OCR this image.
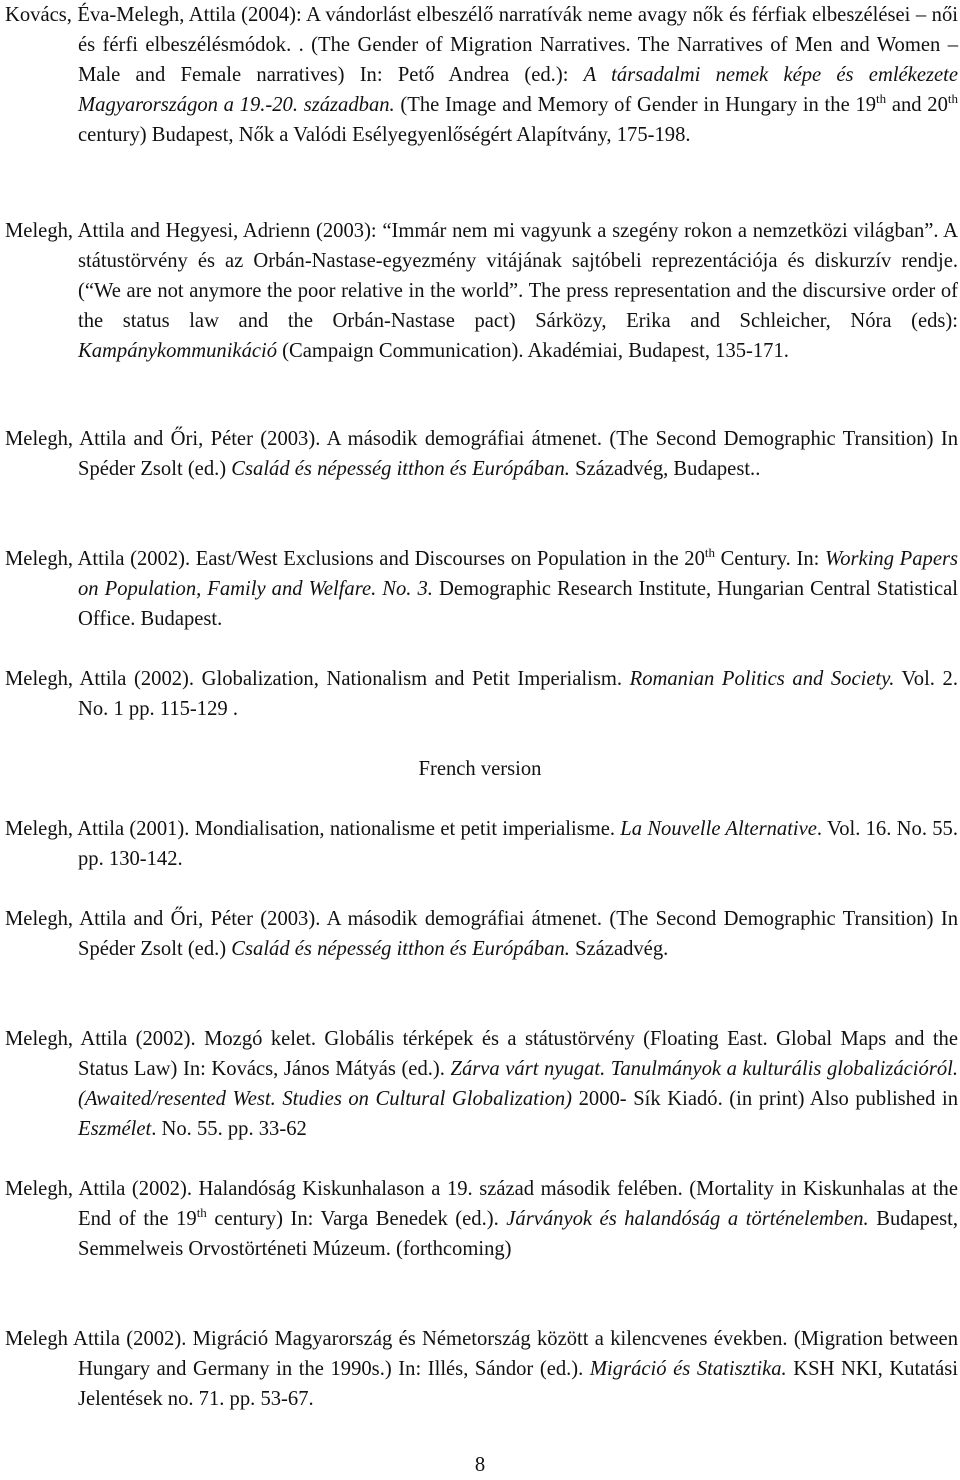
Kovács, Éva-Melegh, Attila (2004): A vándorlást elbeszélő narratívák neme avagy nők és férfiak elbeszélései – női és férfi elbeszélésmódok. . (The Gender of Migration Narratives. The Narratives of Men and Women – Male and Female narratives) In: Pető Andrea (ed.): A társadalmi nemek képe és emlékezete Magyarországon a 19.-20. században. (The Image and Memory of Gender in Hungary in the 19th and 20th century) Budapest, Nők a Valódi Esélyegyenlőségért Alapítvány, 175-198.

Melegh, Attila and Hegyesi, Adrienn (2003): “Immár nem mi vagyunk a szegény rokon a nemzetközi világban”. A státustörvény és az Orbán-Nastase-egyezmény vitájának sajtóbeli reprezentációja és diskurzív rendje. (“We are not anymore the poor relative in the world”. The press representation and the discursive order of the status law and the Orbán-Nastase pact) Sárközy, Erika and Schleicher, Nóra (eds): Kampánykommunikáció (Campaign Communication). Akadémiai, Budapest, 135-171.

Melegh, Attila and Őri, Péter (2003). A második demográfiai átmenet. (The Second Demographic Transition) In Spéder Zsolt (ed.) Család és népesség itthon és Európában. Századvég, Budapest..

Melegh, Attila (2002). East/West Exclusions and Discourses on Population in the 20th Century. In: Working Papers on Population, Family and Welfare. No. 3. Demographic Research Institute, Hungarian Central Statistical Office. Budapest.

Melegh, Attila (2002). Globalization, Nationalism and Petit Imperialism. Romanian Politics and Society. Vol. 2. No. 1 pp. 115-129 .

French version

Melegh, Attila (2001). Mondialisation, nationalisme et petit imperialisme. La Nouvelle Alternative. Vol. 16. No. 55. pp. 130-142.

Melegh, Attila and Őri, Péter (2003). A második demográfiai átmenet. (The Second Demographic Transition) In Spéder Zsolt (ed.) Család és népesség itthon és Európában. Századvég.

Melegh, Attila (2002). Mozgó kelet. Globális térképek és a státustörvény (Floating East. Global Maps and the Status Law) In: Kovács, János Mátyás (ed.). Zárva várt nyugat. Tanulmányok a kulturális globalizációról. (Awaited/resented West. Studies on Cultural Globalization) 2000- Sík Kiadó. (in print) Also published in Eszmélet. No. 55. pp. 33-62

Melegh, Attila (2002). Halandóság Kiskunhalason a 19. század második felében. (Mortality in Kiskunhalas at the End of the 19th century) In: Varga Benedek (ed.). Járványok és halandóság a történelemben. Budapest, Semmelweis Orvostörténeti Múzeum. (forthcoming)

Melegh Attila (2002). Migráció Magyarország és Németország között a kilencvenes években. (Migration between Hungary and Germany in the 1990s.) In: Illés, Sándor (ed.). Migráció és Statisztika. KSH NKI, Kutatási Jelentések no. 71. pp. 53-67.

8
